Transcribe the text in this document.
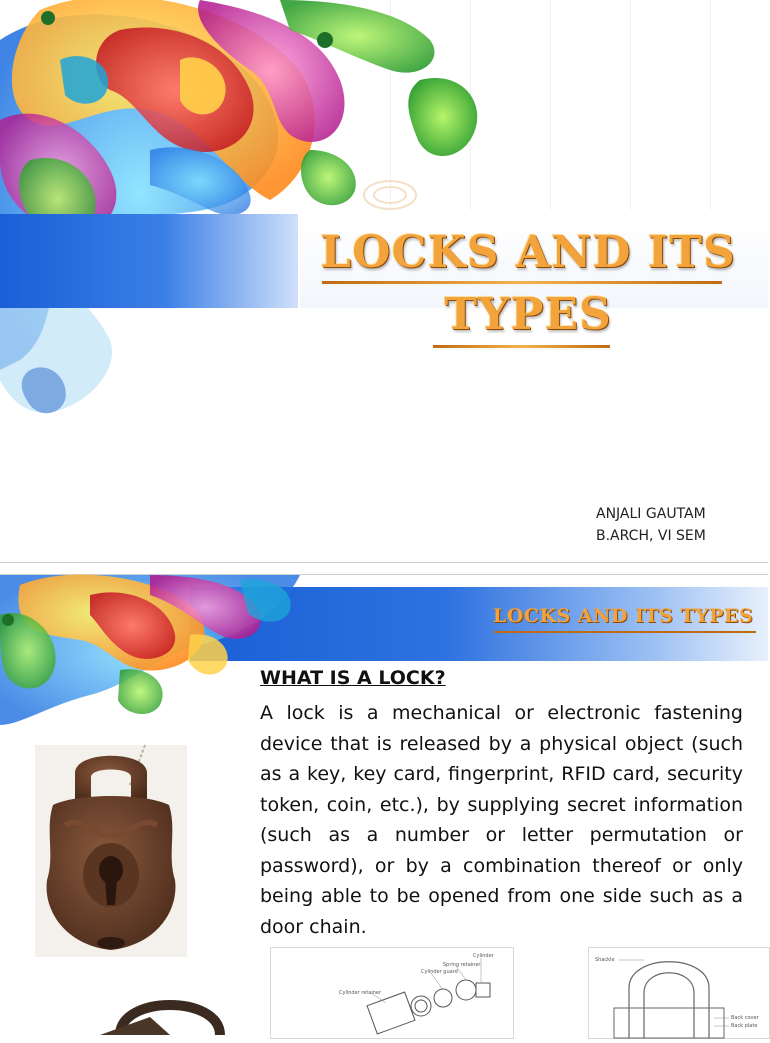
LOCKS AND ITS
TYPES
ANJALI GAUTAM
B.ARCH, VI SEM
LOCKS AND ITS TYPES
WHAT IS A LOCK?
A lock is a mechanical or electronic fastening device that is released by a physical object (such as a key, key card, fingerprint, RFID card, security token, coin, etc.), by supplying secret information (such as a number or letter permutation or password), or by a combination thereof or only being able to be opened from one side such as a door chain.
Cylinder
Spring retainer
Cylinder guard
Cylinder retainer
Shackle
Back cover
Back plate
